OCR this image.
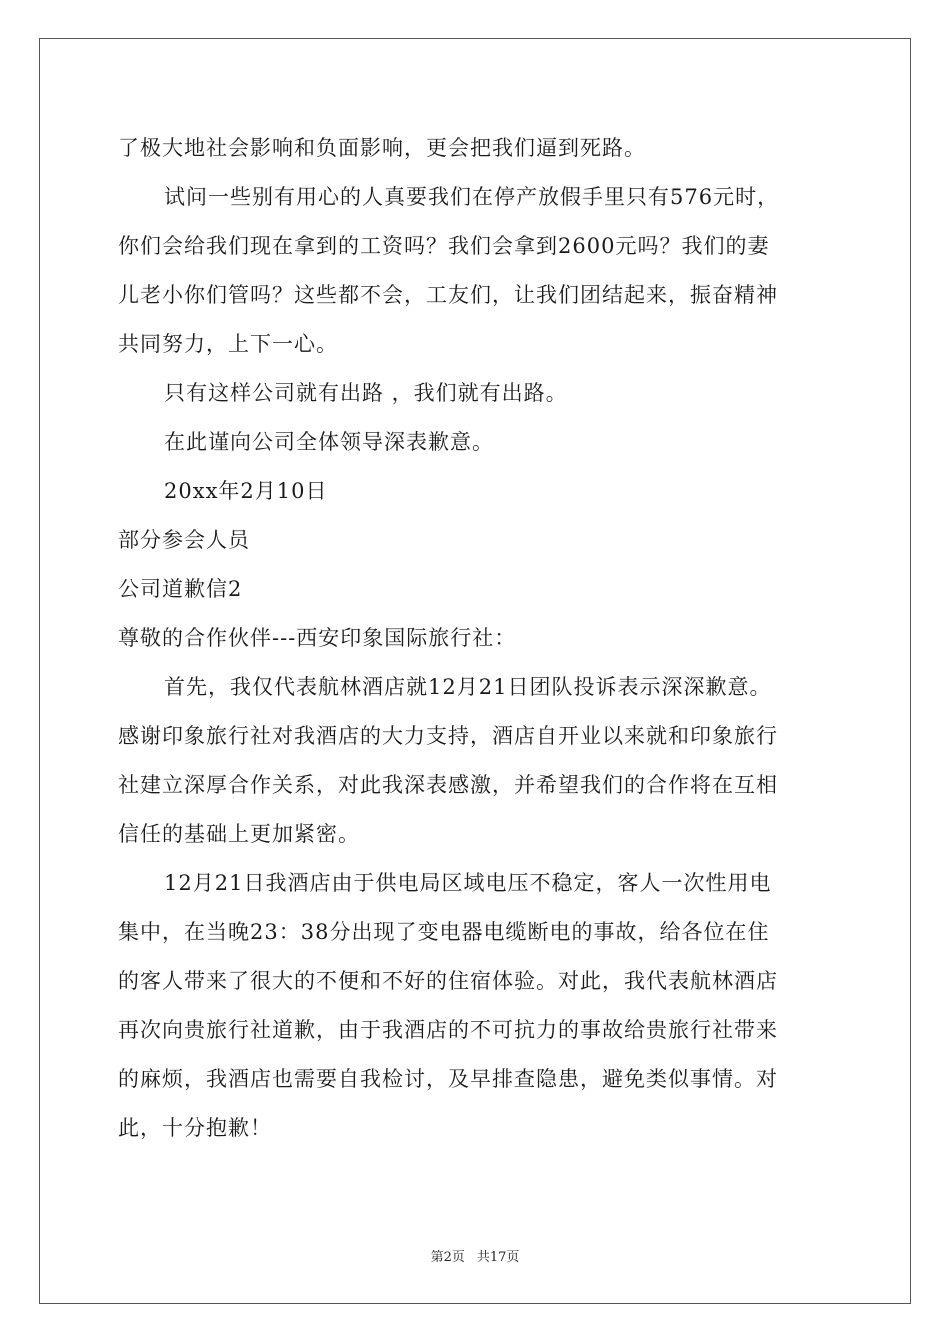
了极大地社会影响和负面影响，更会把我们逼到死路。
试问一些别有用心的人真要我们在停产放假手里只有576元时，
你们会给我们现在拿到的工资吗？我们会拿到2600元吗？我们的妻
儿老小你们管吗？这些都不会，工友们，让我们团结起来，振奋精神
共同努力，上下一心。
只有这样公司就有出路 ，我们就有出路。
在此谨向公司全体领导深表歉意。
20xx年2月10日
部分参会人员
公司道歉信2
尊敬的合作伙伴---西安印象国际旅行社：
首先，我仅代表航林酒店就12月21日团队投诉表示深深歉意。
感谢印象旅行社对我酒店的大力支持，酒店自开业以来就和印象旅行
社建立深厚合作关系，对此我深表感激，并希望我们的合作将在互相
信任的基础上更加紧密。
12月21日我酒店由于供电局区域电压不稳定，客人一次性用电
集中，在当晚23：38分出现了变电器电缆断电的事故，给各位在住
的客人带来了很大的不便和不好的住宿体验。对此，我代表航林酒店
再次向贵旅行社道歉，由于我酒店的不可抗力的事故给贵旅行社带来
的麻烦，我酒店也需要自我检讨，及早排查隐患，避免类似事情。对
此，十分抱歉！
第2页 共17页
